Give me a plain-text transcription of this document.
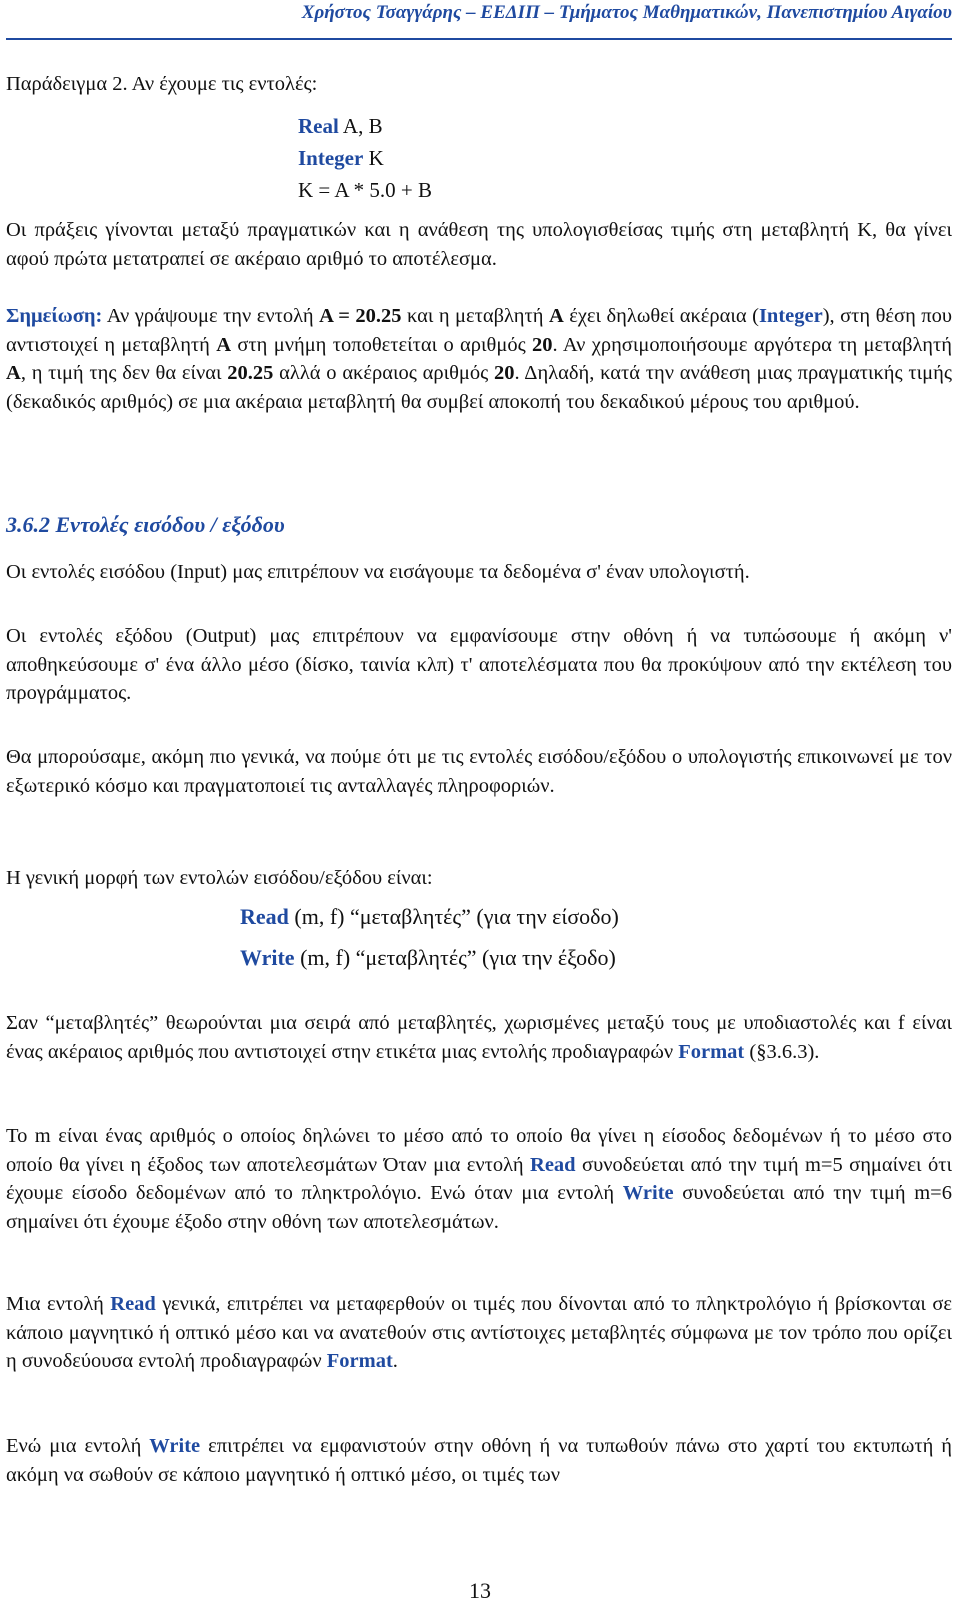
Χρήστος Τσαγγάρης – ΕΕΔΙΠ – Τμήματος Μαθηματικών, Πανεπιστημίου Αιγαίου

Παράδειγμα 2. Αν έχουμε τις εντολές:

Real A, B
Integer K
K = A * 5.0 + B

Οι πράξεις γίνονται μεταξύ πραγματικών και η ανάθεση της υπολογισθείσας τιμής στη μεταβλητή K, θα γίνει αφού πρώτα μετατραπεί σε ακέραιο αριθμό το αποτέλεσμα.

Σημείωση: Αν γράψουμε την εντολή A = 20.25 και η μεταβλητή A έχει δηλωθεί ακέραια (Integer), στη θέση που αντιστοιχεί η μεταβλητή A στη μνήμη τοποθετείται ο αριθμός 20. Αν χρησιμοποιήσουμε αργότερα τη μεταβλητή A, η τιμή της δεν θα είναι 20.25 αλλά ο ακέραιος αριθμός 20. Δηλαδή, κατά την ανάθεση μιας πραγματικής τιμής (δεκαδικός αριθμός) σε μια ακέραια μεταβλητή θα συμβεί αποκοπή του δεκαδικού μέρους του αριθμού.

3.6.2 Εντολές εισόδου / εξόδου

Οι εντολές εισόδου (Input) μας επιτρέπουν να εισάγουμε τα δεδομένα σ' έναν υπολογιστή.

Οι εντολές εξόδου (Output) μας επιτρέπουν να εμφανίσουμε στην οθόνη ή να τυπώσουμε ή ακόμη ν' αποθηκεύσουμε σ' ένα άλλο μέσο (δίσκο, ταινία κλπ) τ' αποτελέσματα που θα προκύψουν από την εκτέλεση του προγράμματος.

Θα μπορούσαμε, ακόμη πιο γενικά, να πούμε ότι με τις εντολές εισόδου/εξόδου ο υπολογιστής επικοινωνεί με τον εξωτερικό κόσμο και πραγματοποιεί τις ανταλλαγές πληροφοριών.

Η γενική μορφή των εντολών εισόδου/εξόδου είναι:

Read (m, f) “μεταβλητές” (για την είσοδο)
Write (m, f) “μεταβλητές” (για την έξοδο)

Σαν “μεταβλητές” θεωρούνται μια σειρά από μεταβλητές, χωρισμένες μεταξύ τους με υποδιαστολές και f είναι ένας ακέραιος αριθμός που αντιστοιχεί στην ετικέτα μιας εντολής προδιαγραφών Format (§3.6.3).

Το m είναι ένας αριθμός ο οποίος δηλώνει το μέσο από το οποίο θα γίνει η είσοδος δεδομένων ή το μέσο στο οποίο θα γίνει η έξοδος των αποτελεσμάτων Όταν μια εντολή Read συνοδεύεται από την τιμή m=5 σημαίνει ότι έχουμε είσοδο δεδομένων από το πληκτρολόγιο. Ενώ όταν μια εντολή Write συνοδεύεται από την τιμή m=6 σημαίνει ότι έχουμε έξοδο στην οθόνη των αποτελεσμάτων.

Μια εντολή Read γενικά, επιτρέπει να μεταφερθούν οι τιμές που δίνονται από το πληκτρολόγιο ή βρίσκονται σε κάποιο μαγνητικό ή οπτικό μέσο και να ανατεθούν στις αντίστοιχες μεταβλητές σύμφωνα με τον τρόπο που ορίζει η συνοδεύουσα εντολή προδιαγραφών Format.

Ενώ μια εντολή Write επιτρέπει να εμφανιστούν στην οθόνη ή να τυπωθούν πάνω στο χαρτί του εκτυπωτή ή ακόμη να σωθούν σε κάποιο μαγνητικό ή οπτικό μέσο, οι τιμές των

13
